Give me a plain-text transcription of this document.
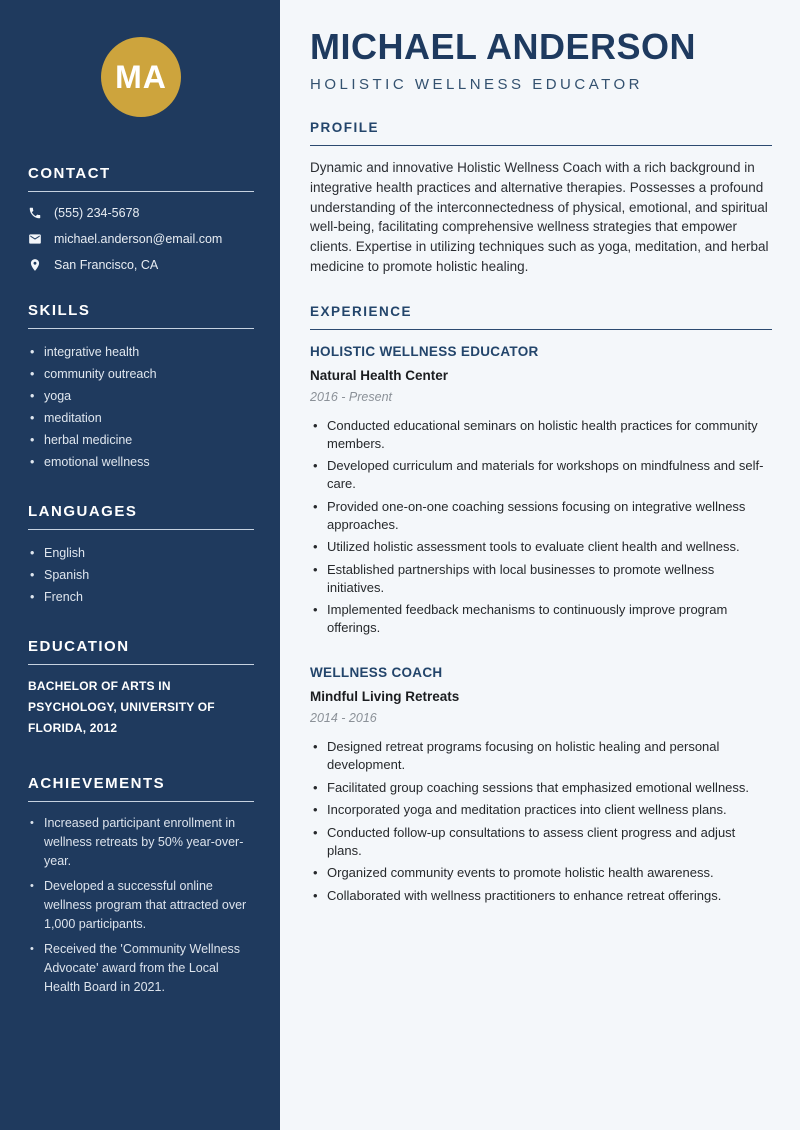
MA
CONTACT
(555) 234-5678
michael.anderson@email.com
San Francisco, CA
SKILLS
• integrative health
• community outreach
• yoga
• meditation
• herbal medicine
• emotional wellness
LANGUAGES
• English
• Spanish
• French
EDUCATION
BACHELOR OF ARTS IN PSYCHOLOGY, UNIVERSITY OF FLORIDA, 2012
ACHIEVEMENTS
• Increased participant enrollment in wellness retreats by 50% year-over-year.
• Developed a successful online wellness program that attracted over 1,000 participants.
• Received the 'Community Wellness Advocate' award from the Local Health Board in 2021.
MICHAEL ANDERSON
HOLISTIC WELLNESS EDUCATOR
PROFILE

Dynamic and innovative Holistic Wellness Coach with a rich background in integrative health practices and alternative therapies. Possesses a profound understanding of the interconnectedness of physical, emotional, and spiritual well-being, facilitating comprehensive wellness strategies that empower clients. Expertise in utilizing techniques such as yoga, meditation, and herbal medicine to promote holistic healing.

EXPERIENCE
HOLISTIC WELLNESS EDUCATOR
Natural Health Center
2016 - Present
• Conducted educational seminars on holistic health practices for community members.
• Developed curriculum and materials for workshops on mindfulness and self-care.
• Provided one-on-one coaching sessions focusing on integrative wellness approaches.
• Utilized holistic assessment tools to evaluate client health and wellness.
• Established partnerships with local businesses to promote wellness initiatives.
• Implemented feedback mechanisms to continuously improve program offerings.
WELLNESS COACH
Mindful Living Retreats
2014 - 2016
• Designed retreat programs focusing on holistic healing and personal development.
• Facilitated group coaching sessions that emphasized emotional wellness.
• Incorporated yoga and meditation practices into client wellness plans.
• Conducted follow-up consultations to assess client progress and adjust plans.
• Organized community events to promote holistic health awareness.
• Collaborated with wellness practitioners to enhance retreat offerings.
